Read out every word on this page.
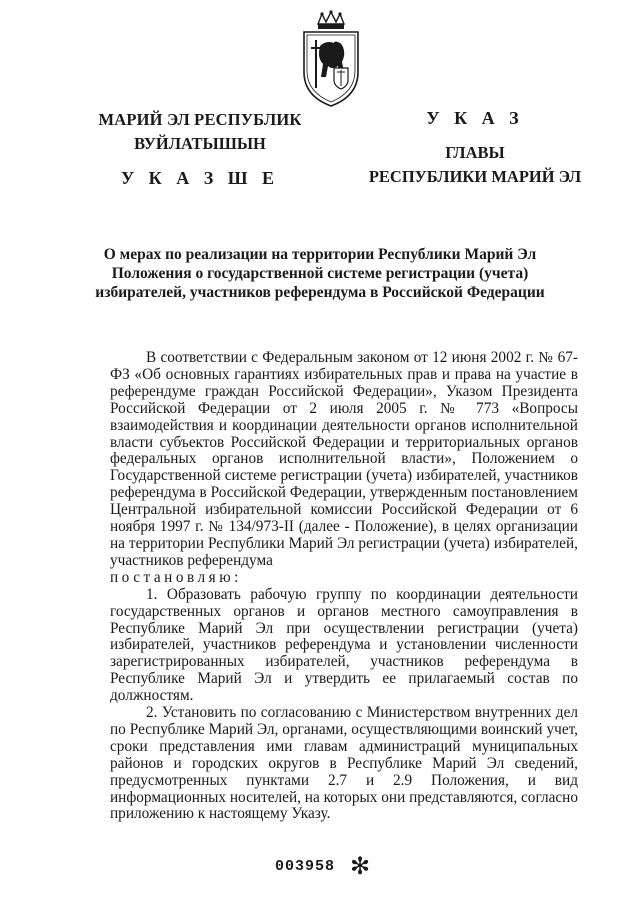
МАРИЙ ЭЛ РЕСПУБЛИК
ВУЙЛАТЫШЫН
У К А З Ш Е
У К А З
ГЛАВЫ
РЕСПУБЛИКИ МАРИЙ ЭЛ
О мерах по реализации на территории Республики Марий Эл
Положения о государственной системе регистрации (учета)
избирателей, участников референдума в Российской Федерации

В соответствии с Федеральным законом от 12 июня 2002 г. № 67-ФЗ «Об основных гарантиях избирательных прав и права на участие в референдуме граждан Российской Федерации», Указом Президента Российской Федерации от 2 июля 2005 г. № 773 «Вопросы взаимодействия и координации деятельности органов исполнительной власти субъектов Российской Федерации и территориальных органов федеральных органов исполнительной власти», Положением о Государственной системе регистрации (учета) избирателей, участников референдума в Российской Федерации, утвержденным постановлением Центральной избирательной комиссии Российской Федерации от 6 ноября 1997 г. № 134/973-II (далее - Положение), в целях организации на территории Республики Марий Эл регистрации (учета) избирателей, участников референдума

постановляю:

1. Образовать рабочую группу по координации деятельности государственных органов и органов местного самоуправления в Республике Марий Эл при осуществлении регистрации (учета) избирателей, участников референдума и установлении численности зарегистрированных избирателей, участников референдума в Республике Марий Эл и утвердить ее прилагаемый состав по должностям.

2. Установить по согласованию с Министерством внутренних дел по Республике Марий Эл, органами, осуществляющими воинский учет, сроки представления ими главам администраций муниципальных районов и городских округов в Республике Марий Эл сведений, предусмотренных пунктами 2.7 и 2.9 Положения, и вид информационных носителей, на которых они представляются, согласно приложению к настоящему Указу.

003958 ✻
